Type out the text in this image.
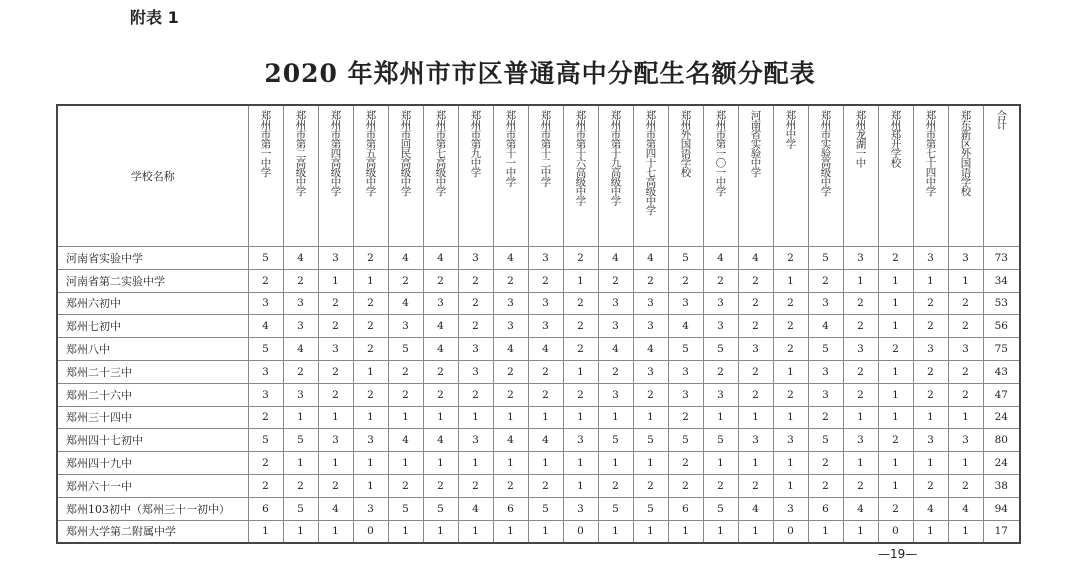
附表 1
2020 年郑州市市区普通高中分配生名额分配表
学校名称	郑州市第一中学	郑州市第二高级中学	郑州市第四高级中学	郑州市第五高级中学	郑州市回民高级中学	郑州市第七高级中学	郑州市第九中学	郑州市第十一中学	郑州市第十二中学	郑州市第十六高级中学	郑州市第十九高级中学	郑州市第四十七高级中学	郑州外国语学校	郑州市第一〇一中学	河南省实验中学	郑州中学	郑州市实验高级中学	郑州龙湖一中	郑州郑开学校	郑州市第七十四中学	郑东新区外国语学校	合计

河南省实验中学	5	4	3	2	4	4	3	4	3	2	4	4	5	4	4	2	5	3	2	3	3	73
河南省第二实验中学	2	2	1	1	2	2	2	2	2	1	2	2	2	2	2	1	2	1	1	1	1	34
郑州六初中	3	3	2	2	4	3	2	3	3	2	3	3	3	3	2	2	3	2	1	2	2	53
郑州七初中	4	3	2	2	3	4	2	3	3	2	3	3	4	3	2	2	4	2	1	2	2	56
郑州八中	5	4	3	2	5	4	3	4	4	2	4	4	5	5	3	2	5	3	2	3	3	75
郑州二十三中	3	2	2	1	2	2	3	2	2	1	2	3	3	2	2	1	3	2	1	2	2	43
郑州二十六中	3	3	2	2	2	2	2	2	2	2	3	2	3	3	2	2	3	2	1	2	2	47
郑州三十四中	2	1	1	1	1	1	1	1	1	1	1	1	2	1	1	1	2	1	1	1	1	24
郑州四十七初中	5	5	3	3	4	4	3	4	4	3	5	5	5	5	3	3	5	3	2	3	3	80
郑州四十九中	2	1	1	1	1	1	1	1	1	1	1	1	2	1	1	1	2	1	1	1	1	24
郑州六十一中	2	2	2	1	2	2	2	2	2	1	2	2	2	2	2	1	2	2	1	2	2	38
郑州103初中（郑州三十一初中）	6	5	4	3	5	5	4	6	5	3	5	5	6	5	4	3	6	4	2	4	4	94
郑州大学第二附属中学	1	1	1	0	1	1	1	1	1	0	1	1	1	1	1	0	1	1	0	1	1	17
—19—
